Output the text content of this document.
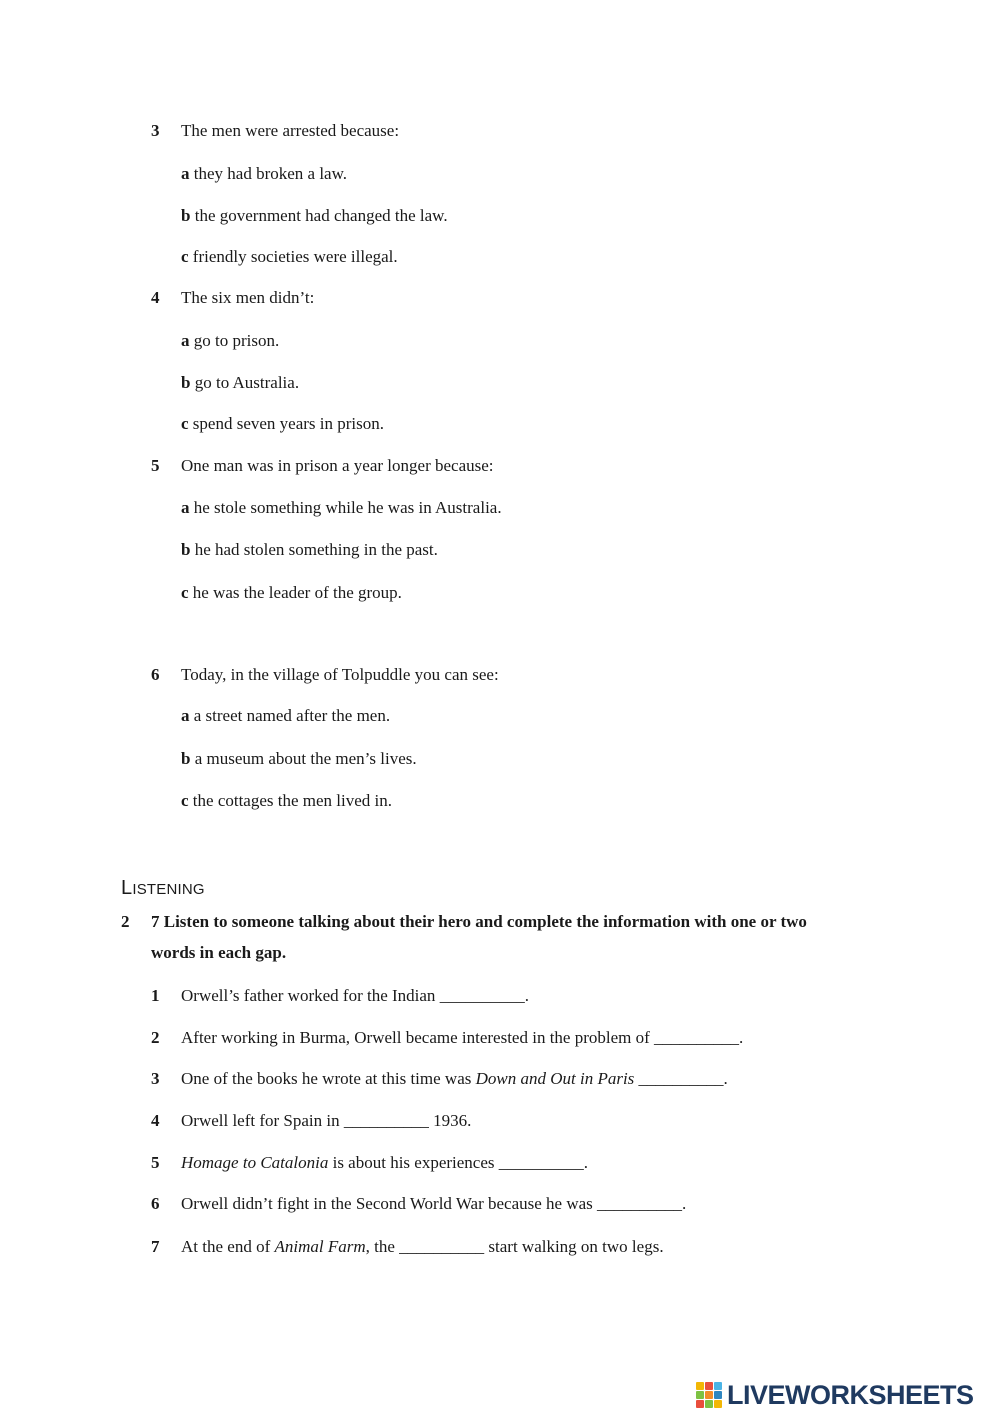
3 The men were arrested because:
a they had broken a law.
b the government had changed the law.
c friendly societies were illegal.
4 The six men didn’t:
a go to prison.
b go to Australia.
c spend seven years in prison.
5 One man was in prison a year longer because:
a he stole something while he was in Australia.
b he had stolen something in the past.
c he was the leader of the group.
6 Today, in the village of Tolpuddle you can see:
a a street named after the men.
b a museum about the men’s lives.
c the cottages the men lived in.
LISTENING
2 7 Listen to someone talking about their hero and complete the information with one or two
words in each gap.
1 Orwell’s father worked for the Indian __________.
2 After working in Burma, Orwell became interested in the problem of __________.
3 One of the books he wrote at this time was Down and Out in Paris __________.
4 Orwell left for Spain in __________ 1936.
5 Homage to Catalonia is about his experiences __________.
6 Orwell didn’t fight in the Second World War because he was __________.
7 At the end of Animal Farm, the __________ start walking on two legs.
LIVEWORKSHEETS
